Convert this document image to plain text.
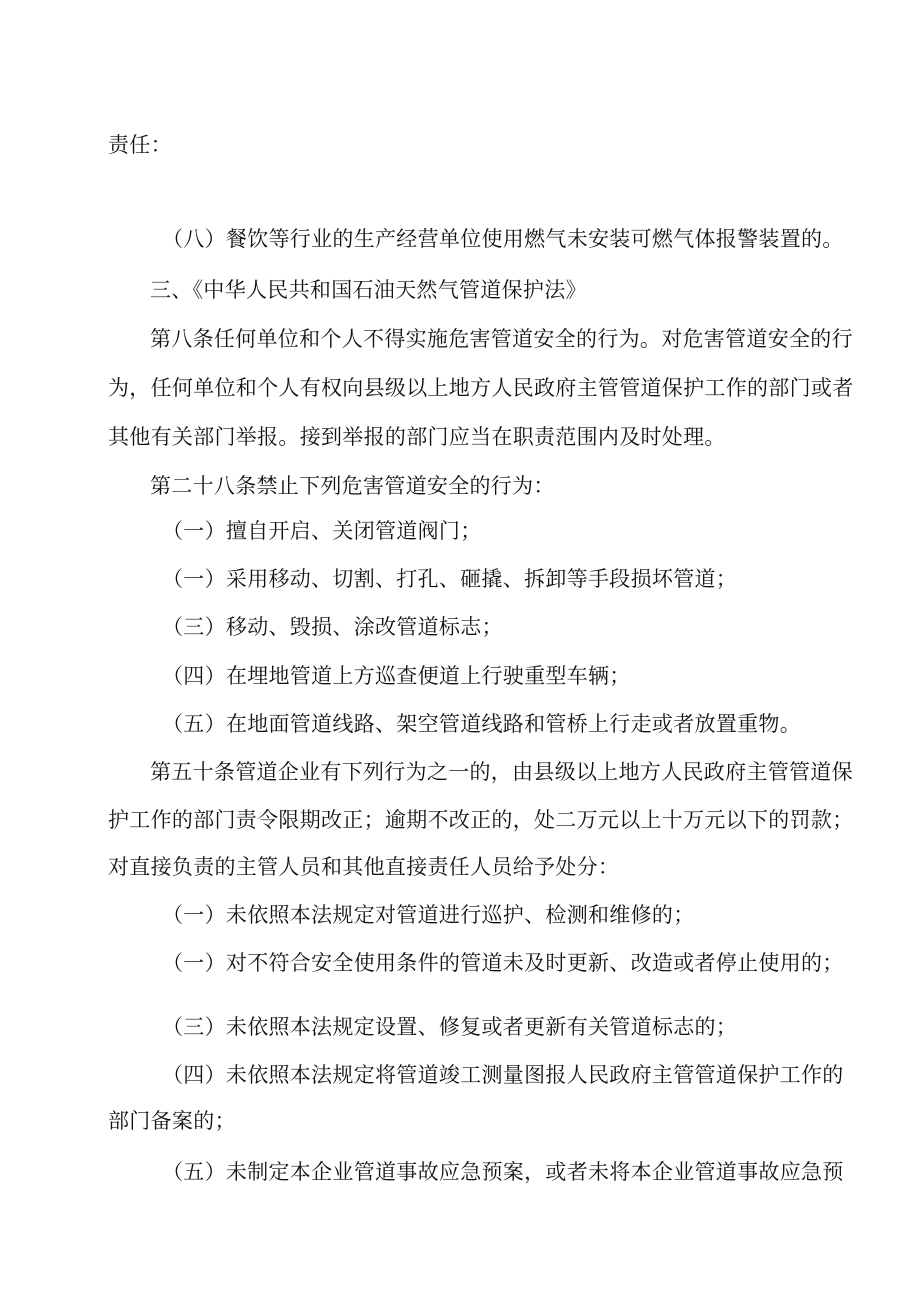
责任：
（八）餐饮等行业的生产经营单位使用燃气未安装可燃气体报警装置的。
三、《中华人民共和国石油天然气管道保护法》
第八条任何单位和个人不得实施危害管道安全的行为。对危害管道安全的行
为，任何单位和个人有权向县级以上地方人民政府主管管道保护工作的部门或者
其他有关部门举报。接到举报的部门应当在职责范围内及时处理。
第二十八条禁止下列危害管道安全的行为：
（一）擅自开启、关闭管道阀门；
（一）采用移动、切割、打孔、砸撬、拆卸等手段损坏管道；
（三）移动、毁损、涂改管道标志；
（四）在埋地管道上方巡查便道上行驶重型车辆；
（五）在地面管道线路、架空管道线路和管桥上行走或者放置重物。
第五十条管道企业有下列行为之一的，由县级以上地方人民政府主管管道保
护工作的部门责令限期改正；逾期不改正的，处二万元以上十万元以下的罚款；
对直接负责的主管人员和其他直接责任人员给予处分：
（一）未依照本法规定对管道进行巡护、检测和维修的；
（一）对不符合安全使用条件的管道未及时更新、改造或者停止使用的；
（三）未依照本法规定设置、修复或者更新有关管道标志的；
（四）未依照本法规定将管道竣工测量图报人民政府主管管道保护工作的
部门备案的；
（五）未制定本企业管道事故应急预案，或者未将本企业管道事故应急预
